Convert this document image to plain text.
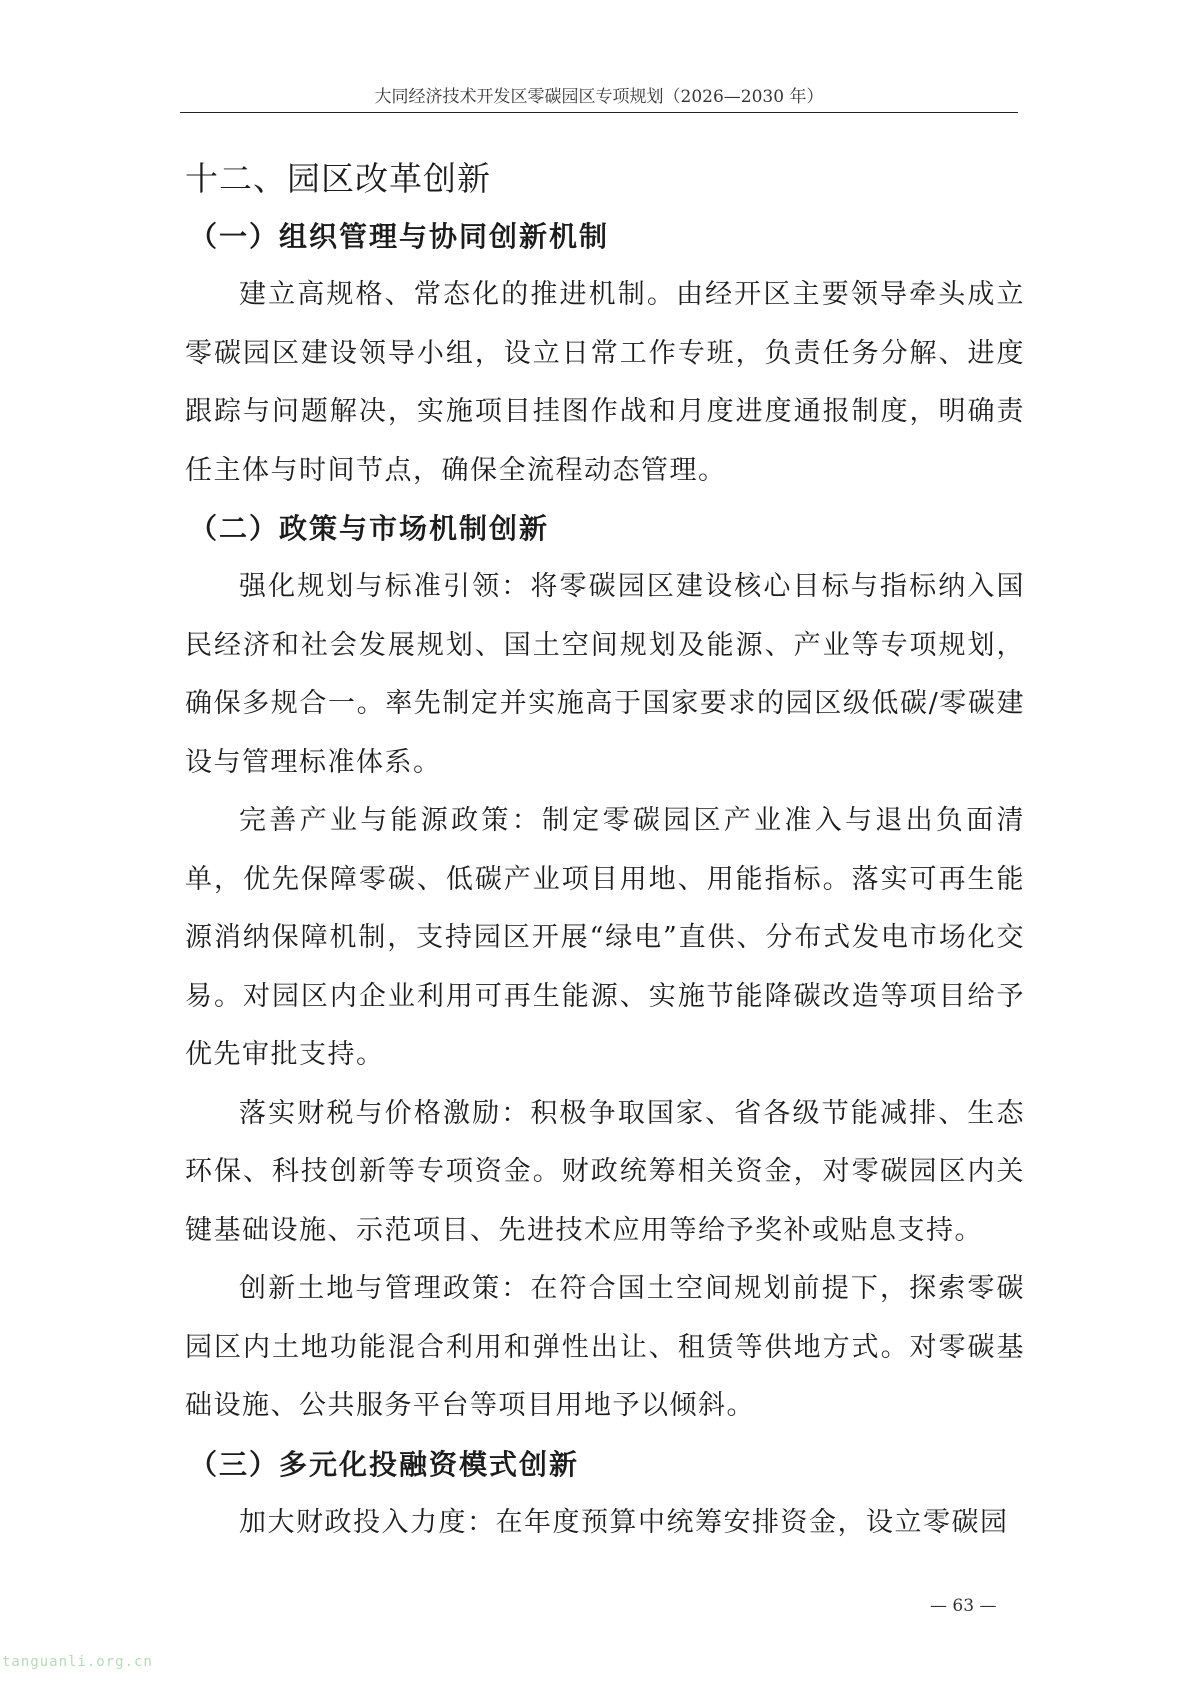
大同经济技术开发区零碳园区专项规划（2026—2030 年）
十二、园区改革创新
（一）组织管理与协同创新机制

建立高规格、常态化的推进机制。由经开区主要领导牵头成立零碳园区建设领导小组，设立日常工作专班，负责任务分解、进度跟踪与问题解决，实施项目挂图作战和月度进度通报制度，明确责任主体与时间节点，确保全流程动态管理。

（二）政策与市场机制创新

强化规划与标准引领：将零碳园区建设核心目标与指标纳入国民经济和社会发展规划、国土空间规划及能源、产业等专项规划，确保多规合一。率先制定并实施高于国家要求的园区级低碳/零碳建设与管理标准体系。

完善产业与能源政策：制定零碳园区产业准入与退出负面清单，优先保障零碳、低碳产业项目用地、用能指标。落实可再生能源消纳保障机制，支持园区开展“绿电”直供、分布式发电市场化交易。对园区内企业利用可再生能源、实施节能降碳改造等项目给予优先审批支持。

落实财税与价格激励：积极争取国家、省各级节能减排、生态环保、科技创新等专项资金。财政统筹相关资金，对零碳园区内关键基础设施、示范项目、先进技术应用等给予奖补或贴息支持。

创新土地与管理政策：在符合国土空间规划前提下，探索零碳园区内土地功能混合利用和弹性出让、租赁等供地方式。对零碳基础设施、公共服务平台等项目用地予以倾斜。

（三）多元化投融资模式创新

加大财政投入力度：在年度预算中统筹安排资金，设立零碳园

— 63 —
tanguanli.org.cn
